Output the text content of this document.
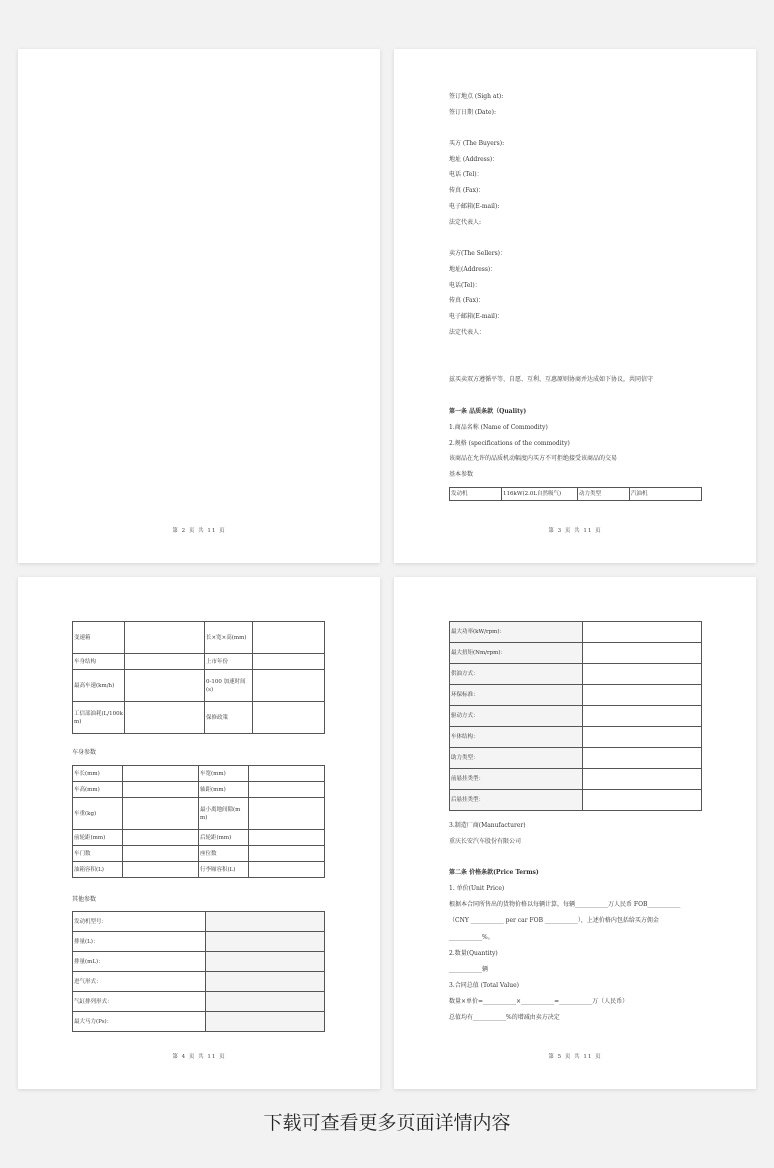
第 2 页 共 11 页
签订地点 (Sigh at):
签订日期 (Date):
买方 (The Buyers):
地址 (Address)：
电话 (Tel)：
传真 (Fax)：
电子邮箱(E-mail):
法定代表人:
卖方(The Sellers)：
地址(Address)：
电话(Tel)：
传真 (Fax)：
电子邮箱(E-mail)：
法定代表人：
兹买卖双方遵循平等、自愿、互利、互惠原则协商并达成如下协议，共同信守
第一条 品质条款（Quality)
1.商品名称 (Name of Commodity)
2.规格 (specifications of the commodity)
该商品在允许的品质机动幅度内买方不可拒绝接受该商品的交易
基本参数
发动机	116kW(2.0L自然吸气)	动力类型	汽油机
第 3 页 共 11 页
变速箱		长×宽×高(mm)	
车身结构		上市年份	
最高车速(km/h)		0-100 加速时间(s)	
工信部油耗(L/100km)		保修政策	
车身参数
车长(mm)		车宽(mm)	
车高(mm)		轴距(mm)	
车重(kg)		最小离地间隙(mm)	
前轮距(mm)		后轮距(mm)	
车门数		座位数	
油箱容积(L)		行李厢容积(L)	
其他参数
发动机型号：	
排量(L)：	
排量(mL)：	
进气形式：	
气缸排列形式：	
最大马力(Ps)：	
第 4 页 共 11 页
最大功率(kW/rpm)：	
最大扭矩(Nm/rpm)：	
供油方式：	
环保标准：	
驱动方式：	
车体结构：	
助力类型：	
前悬挂类型：	
后悬挂类型：	
3.制造厂商(Manufacturer)
重庆长安汽车股份有限公司
第二条 价格条款(Price Terms)
1. 单价(Unit Price)
根据本合同所售出的货物价格以每辆计算，每辆___________万人民币 FOB___________
（CNY ___________ per car FOB ___________），上述价格内包括给买方佣金
___________%。
2.数量(Quantity)
___________辆
3.合同总值 (Total Value)
数量×单价=___________×___________=___________万（人民币）
总值均有___________%的增减由卖方决定
第 5 页 共 11 页
下载可查看更多页面详情内容
